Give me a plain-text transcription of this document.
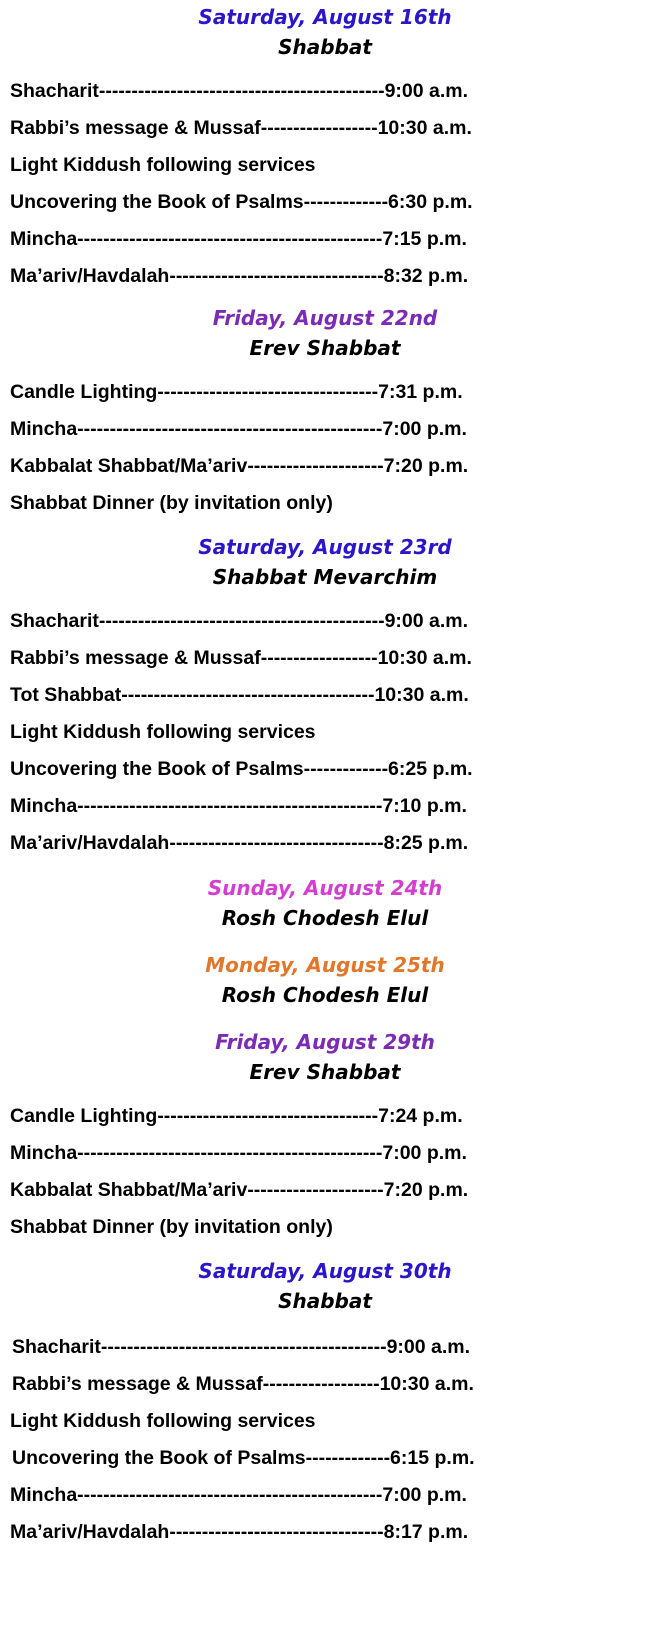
Saturday, August 16th
Shabbat
Shacharit--------------------------------------------9:00 a.m.
Rabbi’s message & Mussaf------------------10:30 a.m.
Light Kiddush following services
Uncovering the Book of Psalms-------------6:30 p.m.
Mincha-----------------------------------------------7:15 p.m.
Ma’ariv/Havdalah---------------------------------8:32 p.m.
Friday, August 22nd
Erev Shabbat
Candle Lighting----------------------------------7:31 p.m.
Mincha-----------------------------------------------7:00 p.m.
Kabbalat Shabbat/Ma’ariv---------------------7:20 p.m.
Shabbat Dinner (by invitation only)
Saturday, August 23rd
Shabbat Mevarchim
Shacharit--------------------------------------------9:00 a.m.
Rabbi’s message & Mussaf------------------10:30 a.m.
Tot Shabbat---------------------------------------10:30 a.m.
Light Kiddush following services
Uncovering the Book of Psalms-------------6:25 p.m.
Mincha-----------------------------------------------7:10 p.m.
Ma’ariv/Havdalah---------------------------------8:25 p.m.
Sunday, August 24th
Rosh Chodesh Elul
Monday, August 25th
Rosh Chodesh Elul
Friday, August 29th
Erev Shabbat
Candle Lighting----------------------------------7:24 p.m.
Mincha-----------------------------------------------7:00 p.m.
Kabbalat Shabbat/Ma’ariv---------------------7:20 p.m.
Shabbat Dinner (by invitation only)
Saturday, August 30th
Shabbat
Shacharit--------------------------------------------9:00 a.m.
Rabbi’s message & Mussaf------------------10:30 a.m.
Light Kiddush following services
Uncovering the Book of Psalms-------------6:15 p.m.
Mincha-----------------------------------------------7:00 p.m.
Ma’ariv/Havdalah---------------------------------8:17 p.m.
